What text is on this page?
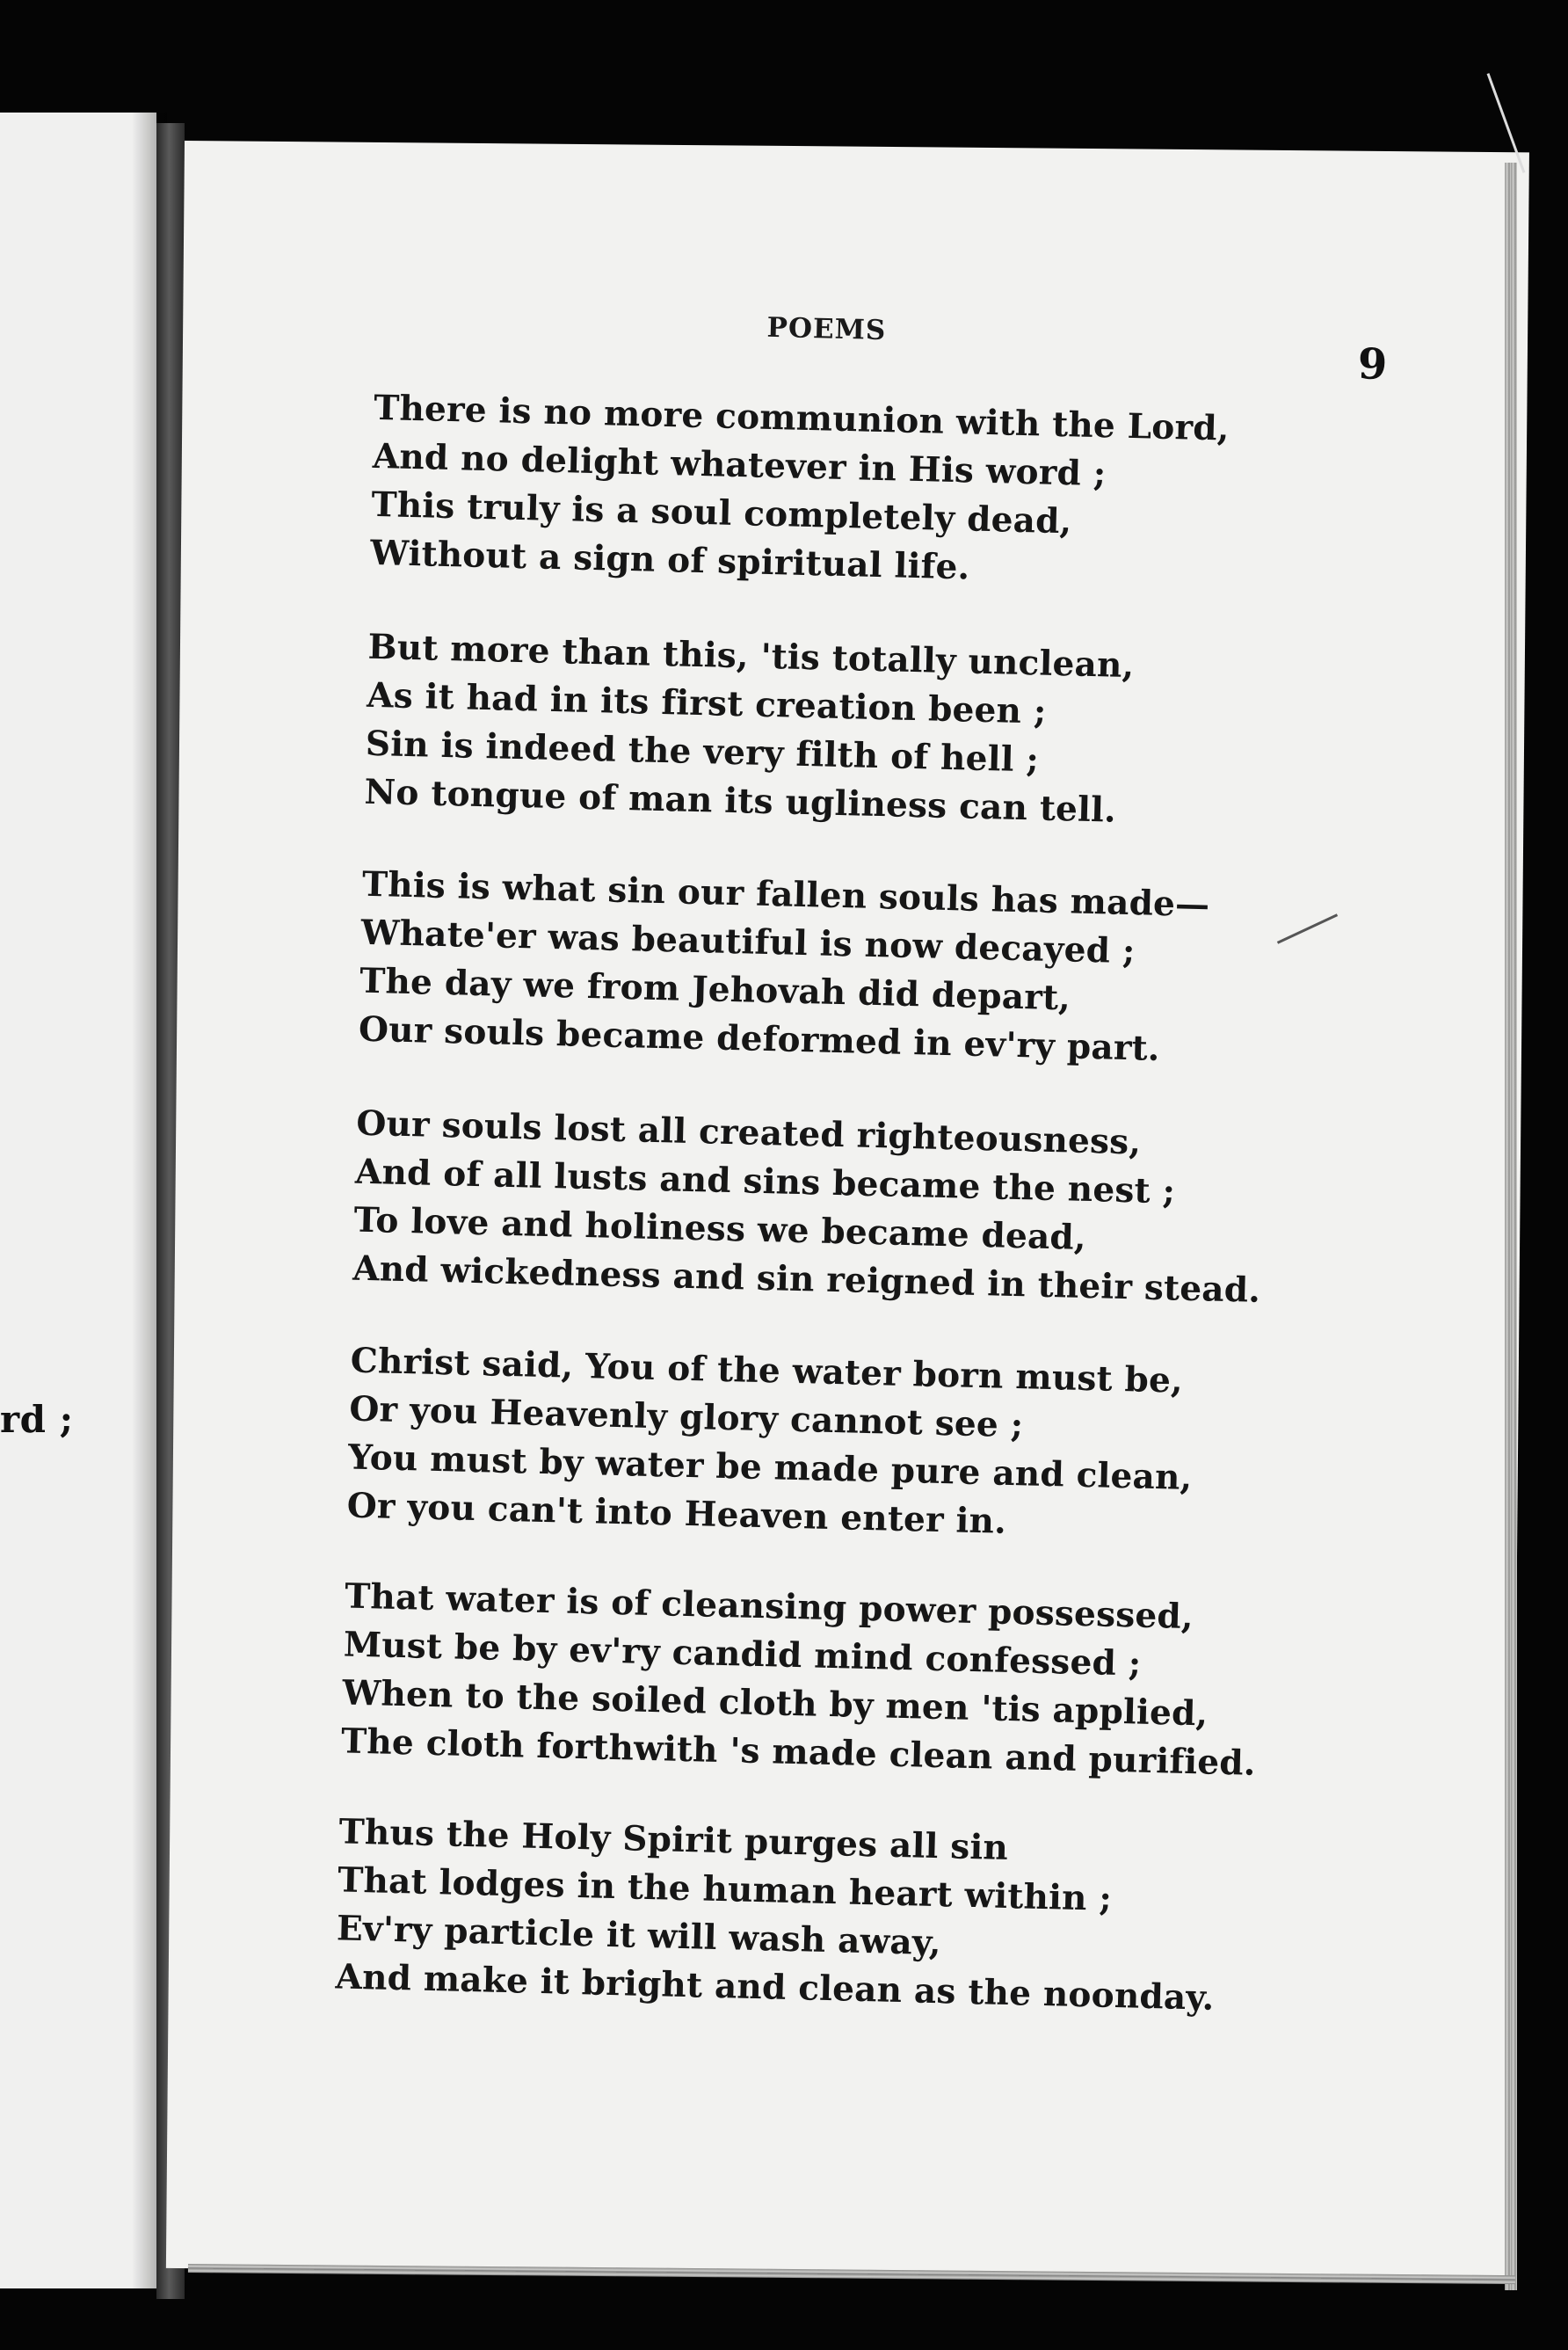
rd ;
POEMS
9
There is no more communion with the Lord,
And no delight whatever in His word ;
This truly is a soul completely dead,
Without a sign of spiritual life.
But more than this, 'tis totally unclean,
As it had in its first creation been ;
Sin is indeed the very filth of hell ;
No tongue of man its ugliness can tell.
This is what sin our fallen souls has made—
Whate'er was beautiful is now decayed ;
The day we from Jehovah did depart,
Our souls became deformed in ev'ry part.
Our souls lost all created righteousness,
And of all lusts and sins became the nest ;
To love and holiness we became dead,
And wickedness and sin reigned in their stead.
Christ said, You of the water born must be,
Or you Heavenly glory cannot see ;
You must by water be made pure and clean,
Or you can't into Heaven enter in.
That water is of cleansing power possessed,
Must be by ev'ry candid mind confessed ;
When to the soiled cloth by men 'tis applied,
The cloth forthwith 's made clean and purified.
Thus the Holy Spirit purges all sin
That lodges in the human heart within ;
Ev'ry particle it will wash away,
And make it bright and clean as the noonday.
